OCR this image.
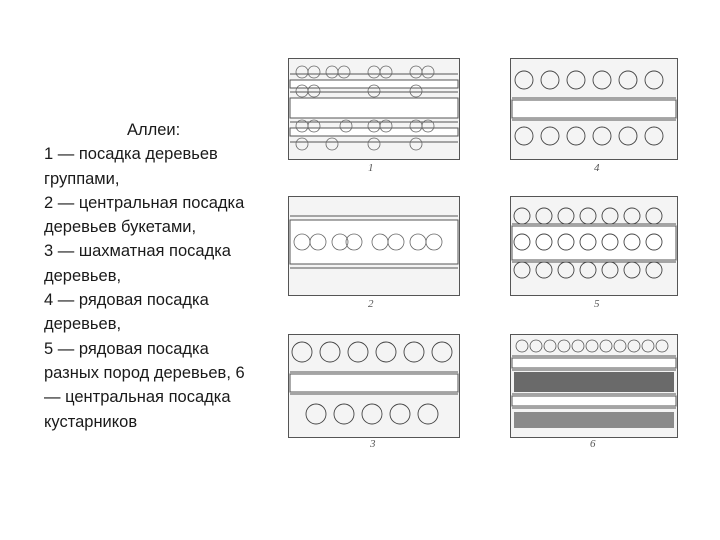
Аллеи:
1 — посадка деревьев
группами,
2 — центральная посадка
деревьев букетами,
3 — шахматная посадка
деревьев,
4 — рядовая посадка
деревьев,
5 — рядовая посадка
разных пород деревьев, 6
— центральная посадка
кустарников
1	4
2	5
3	6
